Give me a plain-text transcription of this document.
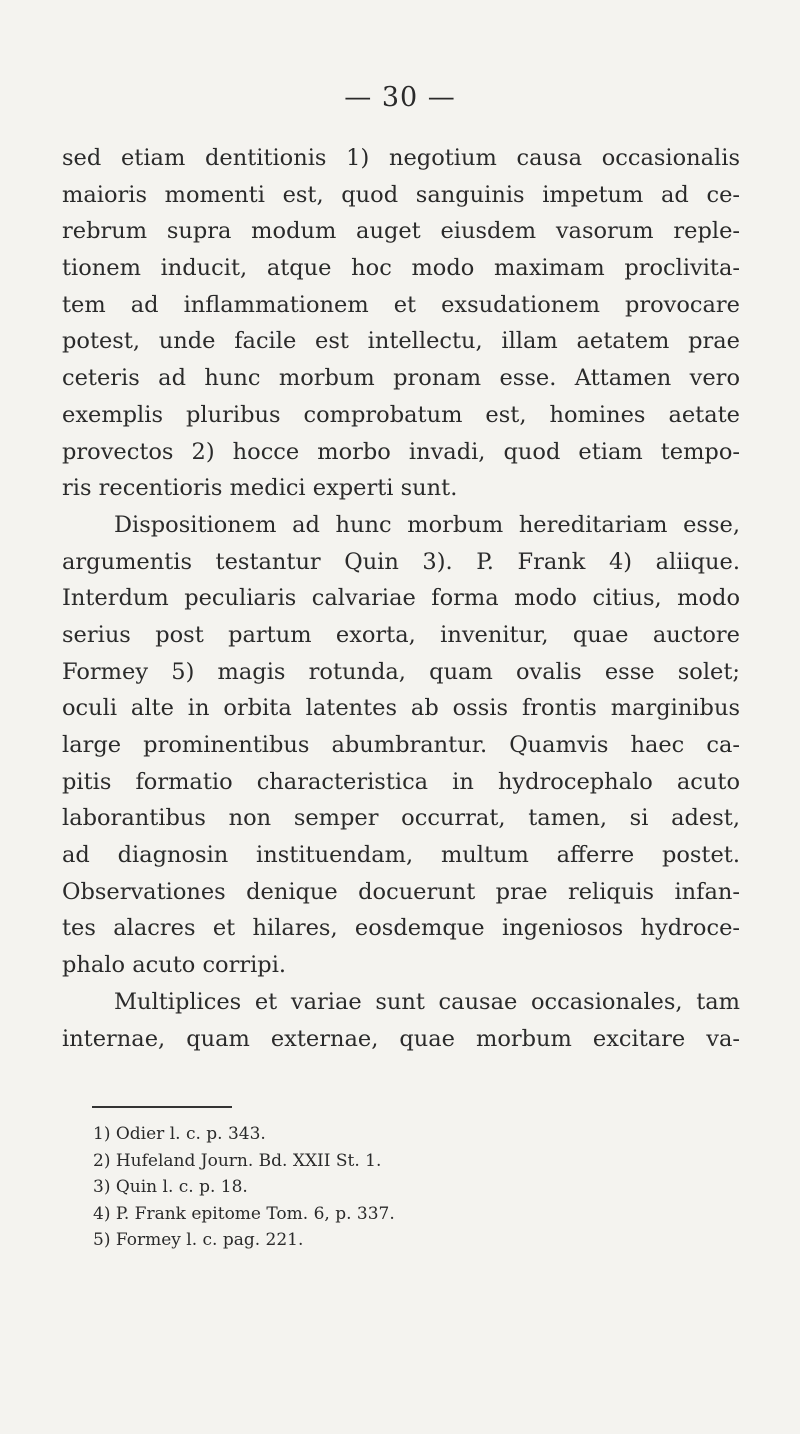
— 30 —
sed etiam dentitionis 1) negotium causa occasionalis
maioris momenti est, quod sanguinis impetum ad ce-
rebrum supra modum auget eiusdem vasorum reple-
tionem inducit, atque hoc modo maximam proclivita-
tem ad inflammationem et exsudationem provocare
potest, unde facile est intellectu, illam aetatem prae
ceteris ad hunc morbum pronam esse. Attamen vero
exemplis pluribus comprobatum est, homines aetate
provectos 2) hocce morbo invadi, quod etiam tempo-
ris recentioris medici experti sunt.
Dispositionem ad hunc morbum hereditariam esse,
argumentis testantur Quin 3). P. Frank 4) aliique.
Interdum peculiaris calvariae forma modo citius, modo
serius post partum exorta, invenitur, quae auctore
Formey 5) magis rotunda, quam ovalis esse solet;
oculi alte in orbita latentes ab ossis frontis marginibus
large prominentibus abumbrantur. Quamvis haec ca-
pitis formatio characteristica in hydrocephalo acuto
laborantibus non semper occurrat, tamen, si adest,
ad diagnosin instituendam, multum afferre postet.
Observationes denique docuerunt prae reliquis infan-
tes alacres et hilares, eosdemque ingeniosos hydroce-
phalo acuto corripi.
Multiplices et variae sunt causae occasionales, tam
internae, quam externae, quae morbum excitare va-
1) Odier l. c. p. 343.
2) Hufeland Journ. Bd. XXII St. 1.
3) Quin l. c. p. 18.
4) P. Frank epitome Tom. 6, p. 337.
5) Formey l. c. pag. 221.
